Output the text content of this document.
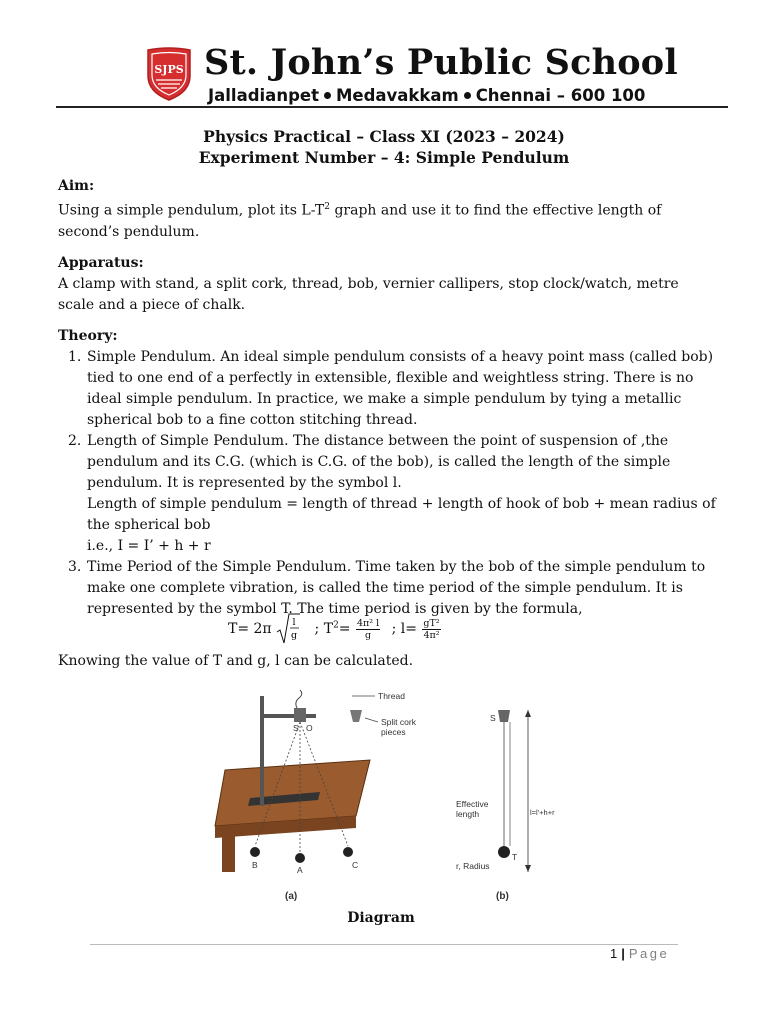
SJPS St. John’s Public School
Jalladianpet Medavakkam Chennai – 600 100
Physics Practical – Class XI (2023 – 2024)
Experiment Number – 4: Simple Pendulum
Aim:
Using a simple pendulum, plot its $L-T^2$ graph and use it to find the effective length of second’s pendulum.
Apparatus:
A clamp with stand, a split cork, thread, bob, vernier callipers, stop clock/watch, metre scale and a piece of chalk.
Theory:
1. Simple Pendulum. An ideal simple pendulum consists of a heavy point mass (called bob) tied to one end of a perfectly in extensible, flexible and weightless string. There is no ideal simple pendulum. In practice, we make a simple pendulum by tying a metallic spherical bob to a fine cotton stitching thread.
2. Length of Simple Pendulum. The distance between the point of suspension of ,the pendulum and its C.G. (which is C.G. of the bob), is called the length of the simple pendulum. It is represented by the symbol l.
Length of simple pendulum = length of thread + length of hook of bob + mean radius of the spherical bob
i.e., I = I’ + h + r
3. Time Period of the Simple Pendulum. Time taken by the bob of the simple pendulum to make one complete vibration, is called the time period of the simple pendulum. It is represented by the symbol T. The time period is given by the formula,
T= 2π l
g ; $T^2= \frac{\text{4π² l}}{g}$ ; $l= \frac{\text{gT²}}{\text{4π²}}$
Knowing the value of T and g, l can be calculated.
S O
A
B	C
Thread
Split cork
pieces
(a)
S
T
l=l'+h+r
Effective
length
r, Radius
(b)
Diagram
1 | Page
